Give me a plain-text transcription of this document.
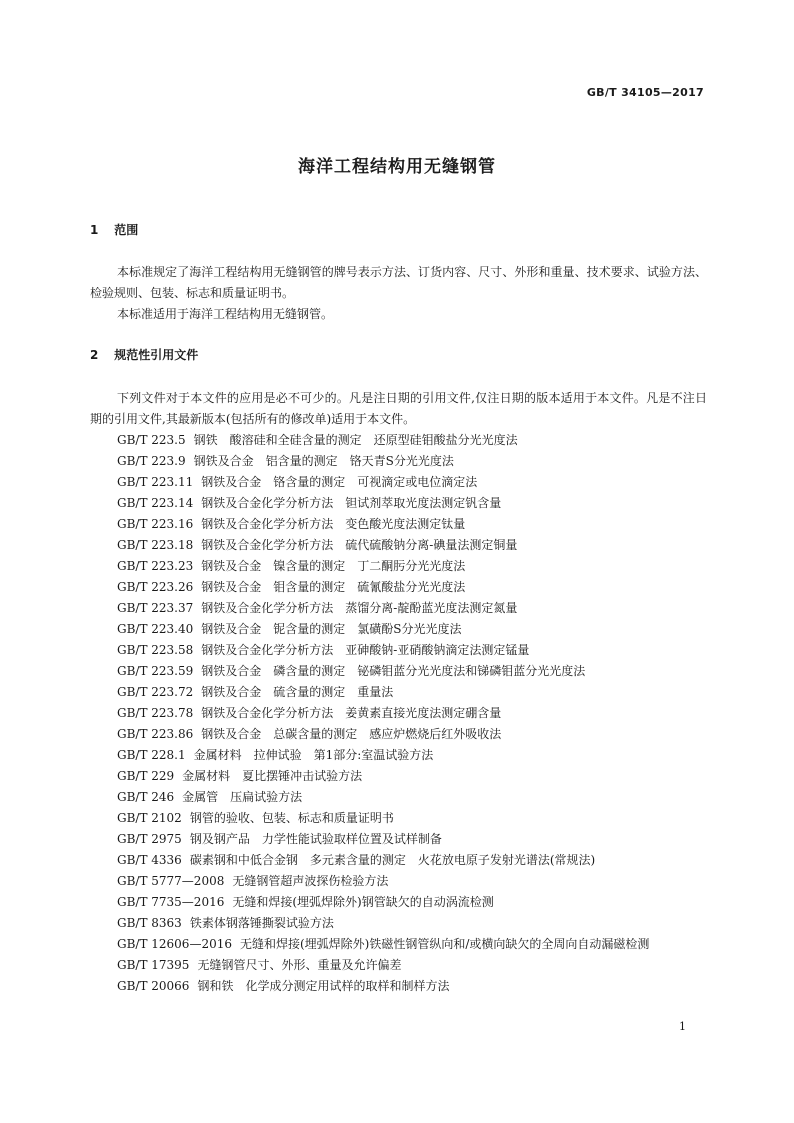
GB/T 34105—2017
海洋工程结构用无缝钢管
1 范围

本标准规定了海洋工程结构用无缝钢管的牌号表示方法、订货内容、尺寸、外形和重量、技术要求、试验方法、检验规则、包装、标志和质量证明书。

本标准适用于海洋工程结构用无缝钢管。

2 规范性引用文件

下列文件对于本文件的应用是必不可少的。凡是注日期的引用文件,仅注日期的版本适用于本文件。凡是不注日期的引用文件,其最新版本(包括所有的修改单)适用于本文件。

GB/T 223.5 钢铁　酸溶硅和全硅含量的测定　还原型硅钼酸盐分光光度法
GB/T 223.9 钢铁及合金　铝含量的测定　铬天青S分光光度法
GB/T 223.11 钢铁及合金　铬含量的测定　可视滴定或电位滴定法
GB/T 223.14 钢铁及合金化学分析方法　钽试剂萃取光度法测定钒含量
GB/T 223.16 钢铁及合金化学分析方法　变色酸光度法测定钛量
GB/T 223.18 钢铁及合金化学分析方法　硫代硫酸钠分离-碘量法测定铜量
GB/T 223.23 钢铁及合金　镍含量的测定　丁二酮肟分光光度法
GB/T 223.26 钢铁及合金　钼含量的测定　硫氰酸盐分光光度法
GB/T 223.37 钢铁及合金化学分析方法　蒸馏分离-靛酚蓝光度法测定氮量
GB/T 223.40 钢铁及合金　铌含量的测定　氯磺酚S分光光度法
GB/T 223.58 钢铁及合金化学分析方法　亚砷酸钠-亚硝酸钠滴定法测定锰量
GB/T 223.59 钢铁及合金　磷含量的测定　铋磷钼蓝分光光度法和锑磷钼蓝分光光度法
GB/T 223.72 钢铁及合金　硫含量的测定　重量法
GB/T 223.78 钢铁及合金化学分析方法　姜黄素直接光度法测定硼含量
GB/T 223.86 钢铁及合金　总碳含量的测定　感应炉燃烧后红外吸收法
GB/T 228.1 金属材料　拉伸试验　第1部分:室温试验方法
GB/T 229 金属材料　夏比摆锤冲击试验方法
GB/T 246 金属管　压扁试验方法
GB/T 2102 钢管的验收、包装、标志和质量证明书
GB/T 2975 钢及钢产品　力学性能试验取样位置及试样制备
GB/T 4336 碳素钢和中低合金钢　多元素含量的测定　火花放电原子发射光谱法(常规法)
GB/T 5777—2008 无缝钢管超声波探伤检验方法
GB/T 7735—2016 无缝和焊接(埋弧焊除外)钢管缺欠的自动涡流检测
GB/T 8363 铁素体钢落锤撕裂试验方法
GB/T 12606—2016 无缝和焊接(埋弧焊除外)铁磁性钢管纵向和/或横向缺欠的全周向自动漏磁检测
GB/T 17395 无缝钢管尺寸、外形、重量及允许偏差
GB/T 20066 钢和铁　化学成分测定用试样的取样和制样方法
1
